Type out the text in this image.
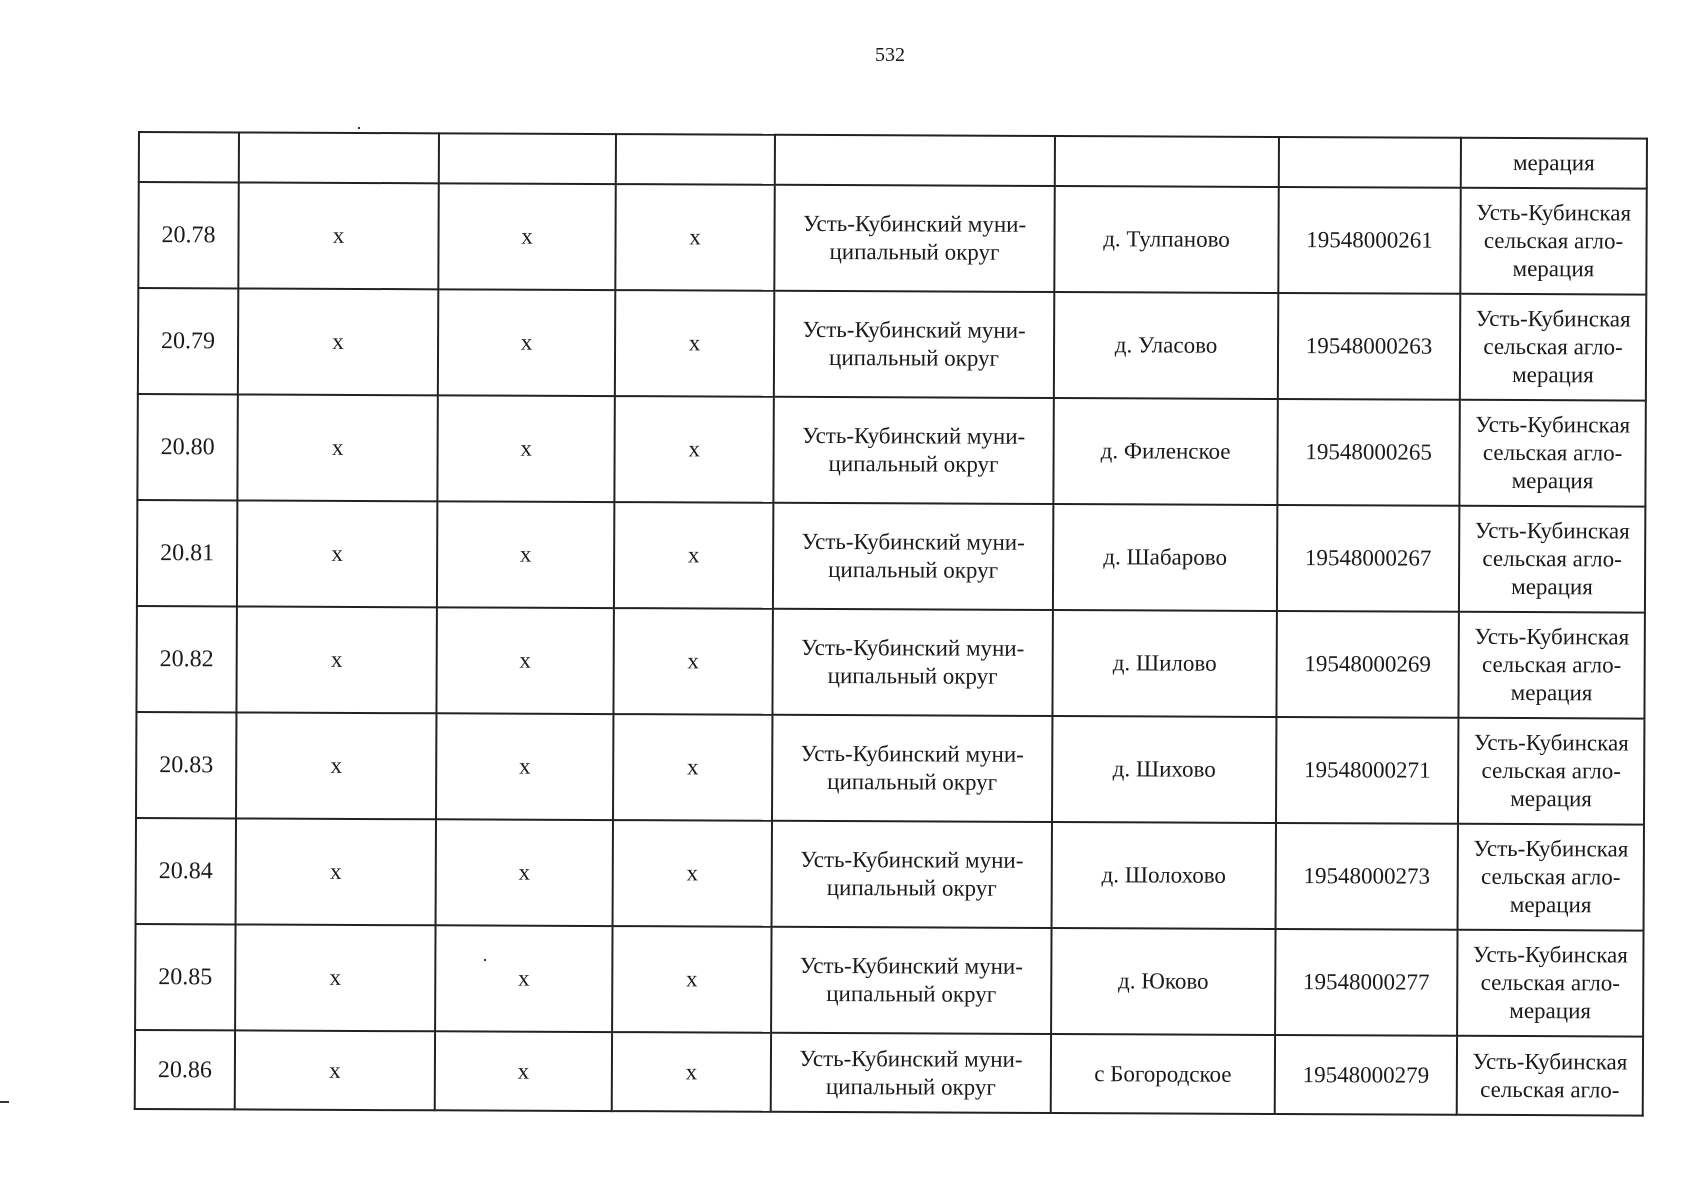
532
							мерация
20.78	x	x	x	Усть-Кубинский муни-ципальный округ	д. Тулпаново	19548000261	Усть-Кубинская сельская агло-мерация
20.79	x	x	x	Усть-Кубинский муни-ципальный округ	д. Уласово	19548000263	Усть-Кубинская сельская агло-мерация
20.80	x	x	x	Усть-Кубинский муни-ципальный округ	д. Филенское	19548000265	Усть-Кубинская сельская агло-мерация
20.81	x	x	x	Усть-Кубинский муни-ципальный округ	д. Шабарово	19548000267	Усть-Кубинская сельская агло-мерация
20.82	x	x	x	Усть-Кубинский муни-ципальный округ	д. Шилово	19548000269	Усть-Кубинская сельская агло-мерация
20.83	x	x	x	Усть-Кубинский муни-ципальный округ	д. Шихово	19548000271	Усть-Кубинская сельская агло-мерация
20.84	x	x	x	Усть-Кубинский муни-ципальный округ	д. Шолохово	19548000273	Усть-Кубинская сельская агло-мерация
20.85	x	x	x	Усть-Кубинский муни-ципальный округ	д. Юково	19548000277	Усть-Кубинская сельская агло-мерация
20.86	x	x	x	Усть-Кубинский муни-ципальный округ	с Богородское	19548000279	Усть-Кубинская сельская агло-
